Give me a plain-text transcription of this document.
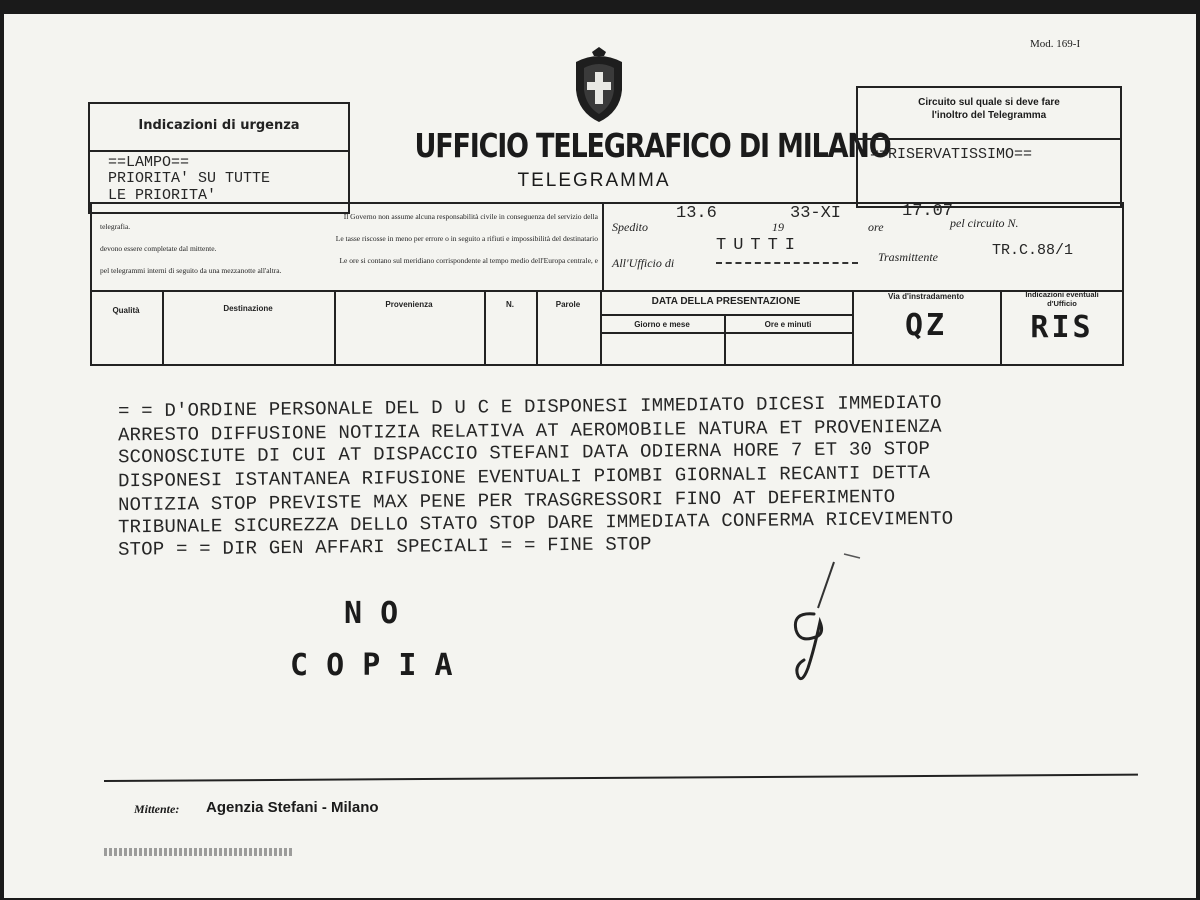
Mod. 169-I
Indicazioni di urgenza
==LAMPO==
PRIORITA' SU TUTTE
LE PRIORITA'
UFFICIO TELEGRAFICO DI MILANO
TELEGRAMMA
Circuito sul quale si deve fare
l'inoltro del Telegramma
==RISERVATISSIMO==
Il Governo non assume alcuna responsabilità civile in conseguenza del servizio della
telegrafia.
Le tasse riscosse in meno per errore o in seguito a rifiuti e impossibilità del destinatario
devono essere completate dal mittente.
Le ore si contano sul meridiano corrispondente al tempo medio dell'Europa centrale, e
pel telegrammi interni di seguito da una mezzanotte all'altra.
Spedito
13.6
19
33-XI
ore
17.07
pel circuito N.
All'Ufficio di
TUTTI
Trasmittente	TR.C.88/1
Qualità	Destinazione	Provenienza	N.	Parole	DATA DELLA PRESENTAZIONE
Giorno e mese	Ore e minuti
Via d'instradamento
QZ
Indicazioni eventuali
d'Ufficio
RIS
= = D'ORDINE PERSONALE DEL D U C E DISPONESI IMMEDIATO DICESI IMMEDIATO
ARRESTO DIFFUSIONE NOTIZIA RELATIVA AT AEROMOBILE NATURA ET PROVENIENZA
SCONOSCIUTE DI CUI AT DISPACCIO STEFANI DATA ODIERNA HORE 7 ET 30 STOP
DISPONESI ISTANTANEA RIFUSIONE EVENTUALI PIOMBI GIORNALI RECANTI DETTA
NOTIZIA STOP PREVISTE MAX PENE PER TRASGRESSORI FINO AT DEFERIMENTO
TRIBUNALE SICUREZZA DELLO STATO STOP DARE IMMEDIATA CONFERMA RICEVIMENTO
STOP = = DIR GEN AFFARI SPECIALI = = FINE STOP
N O
C O P I A
Mittente: Agenzia Stefani - Milano
